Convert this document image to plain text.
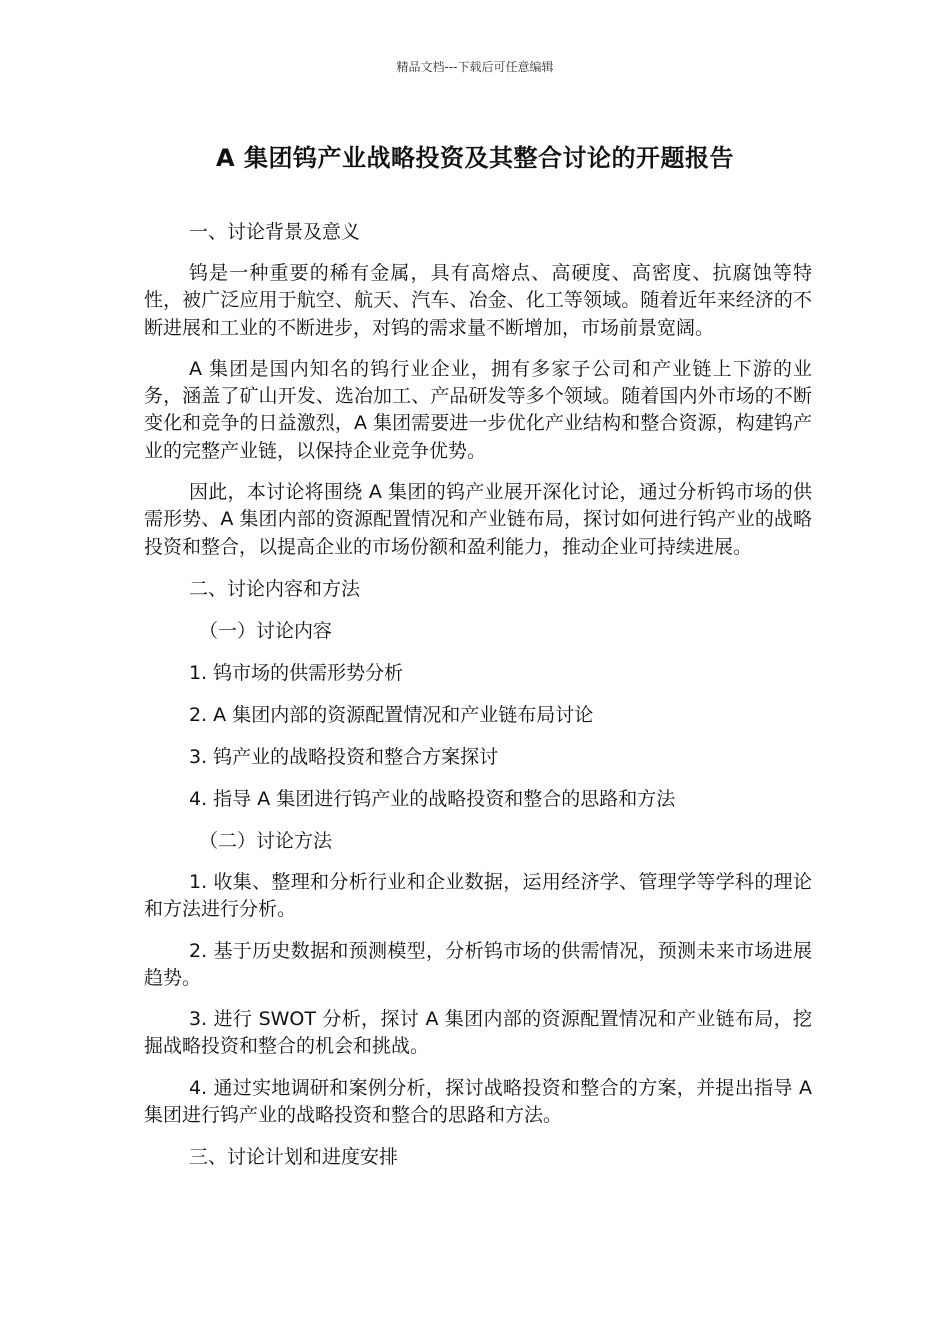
精品文档---下载后可任意编辑
A 集团钨产业战略投资及其整合讨论的开题报告

一、讨论背景及意义

钨是一种重要的稀有金属，具有高熔点、高硬度、高密度、抗腐蚀等特性，被广泛应用于航空、航天、汽车、冶金、化工等领域。随着近年来经济的不断进展和工业的不断进步，对钨的需求量不断增加，市场前景宽阔。

A 集团是国内知名的钨行业企业，拥有多家子公司和产业链上下游的业务，涵盖了矿山开发、选冶加工、产品研发等多个领域。随着国内外市场的不断变化和竞争的日益激烈，A 集团需要进一步优化产业结构和整合资源，构建钨产业的完整产业链，以保持企业竞争优势。

因此，本讨论将围绕 A 集团的钨产业展开深化讨论，通过分析钨市场的供需形势、A 集团内部的资源配置情况和产业链布局，探讨如何进行钨产业的战略投资和整合，以提高企业的市场份额和盈利能力，推动企业可持续进展。

二、讨论内容和方法

（一）讨论内容

1. 钨市场的供需形势分析

2. A 集团内部的资源配置情况和产业链布局讨论

3. 钨产业的战略投资和整合方案探讨

4. 指导 A 集团进行钨产业的战略投资和整合的思路和方法

（二）讨论方法

1. 收集、整理和分析行业和企业数据，运用经济学、管理学等学科的理论和方法进行分析。

2. 基于历史数据和预测模型，分析钨市场的供需情况，预测未来市场进展趋势。

3. 进行 SWOT 分析，探讨 A 集团内部的资源配置情况和产业链布局，挖掘战略投资和整合的机会和挑战。

4. 通过实地调研和案例分析，探讨战略投资和整合的方案，并提出指导 A 集团进行钨产业的战略投资和整合的思路和方法。

三、讨论计划和进度安排
